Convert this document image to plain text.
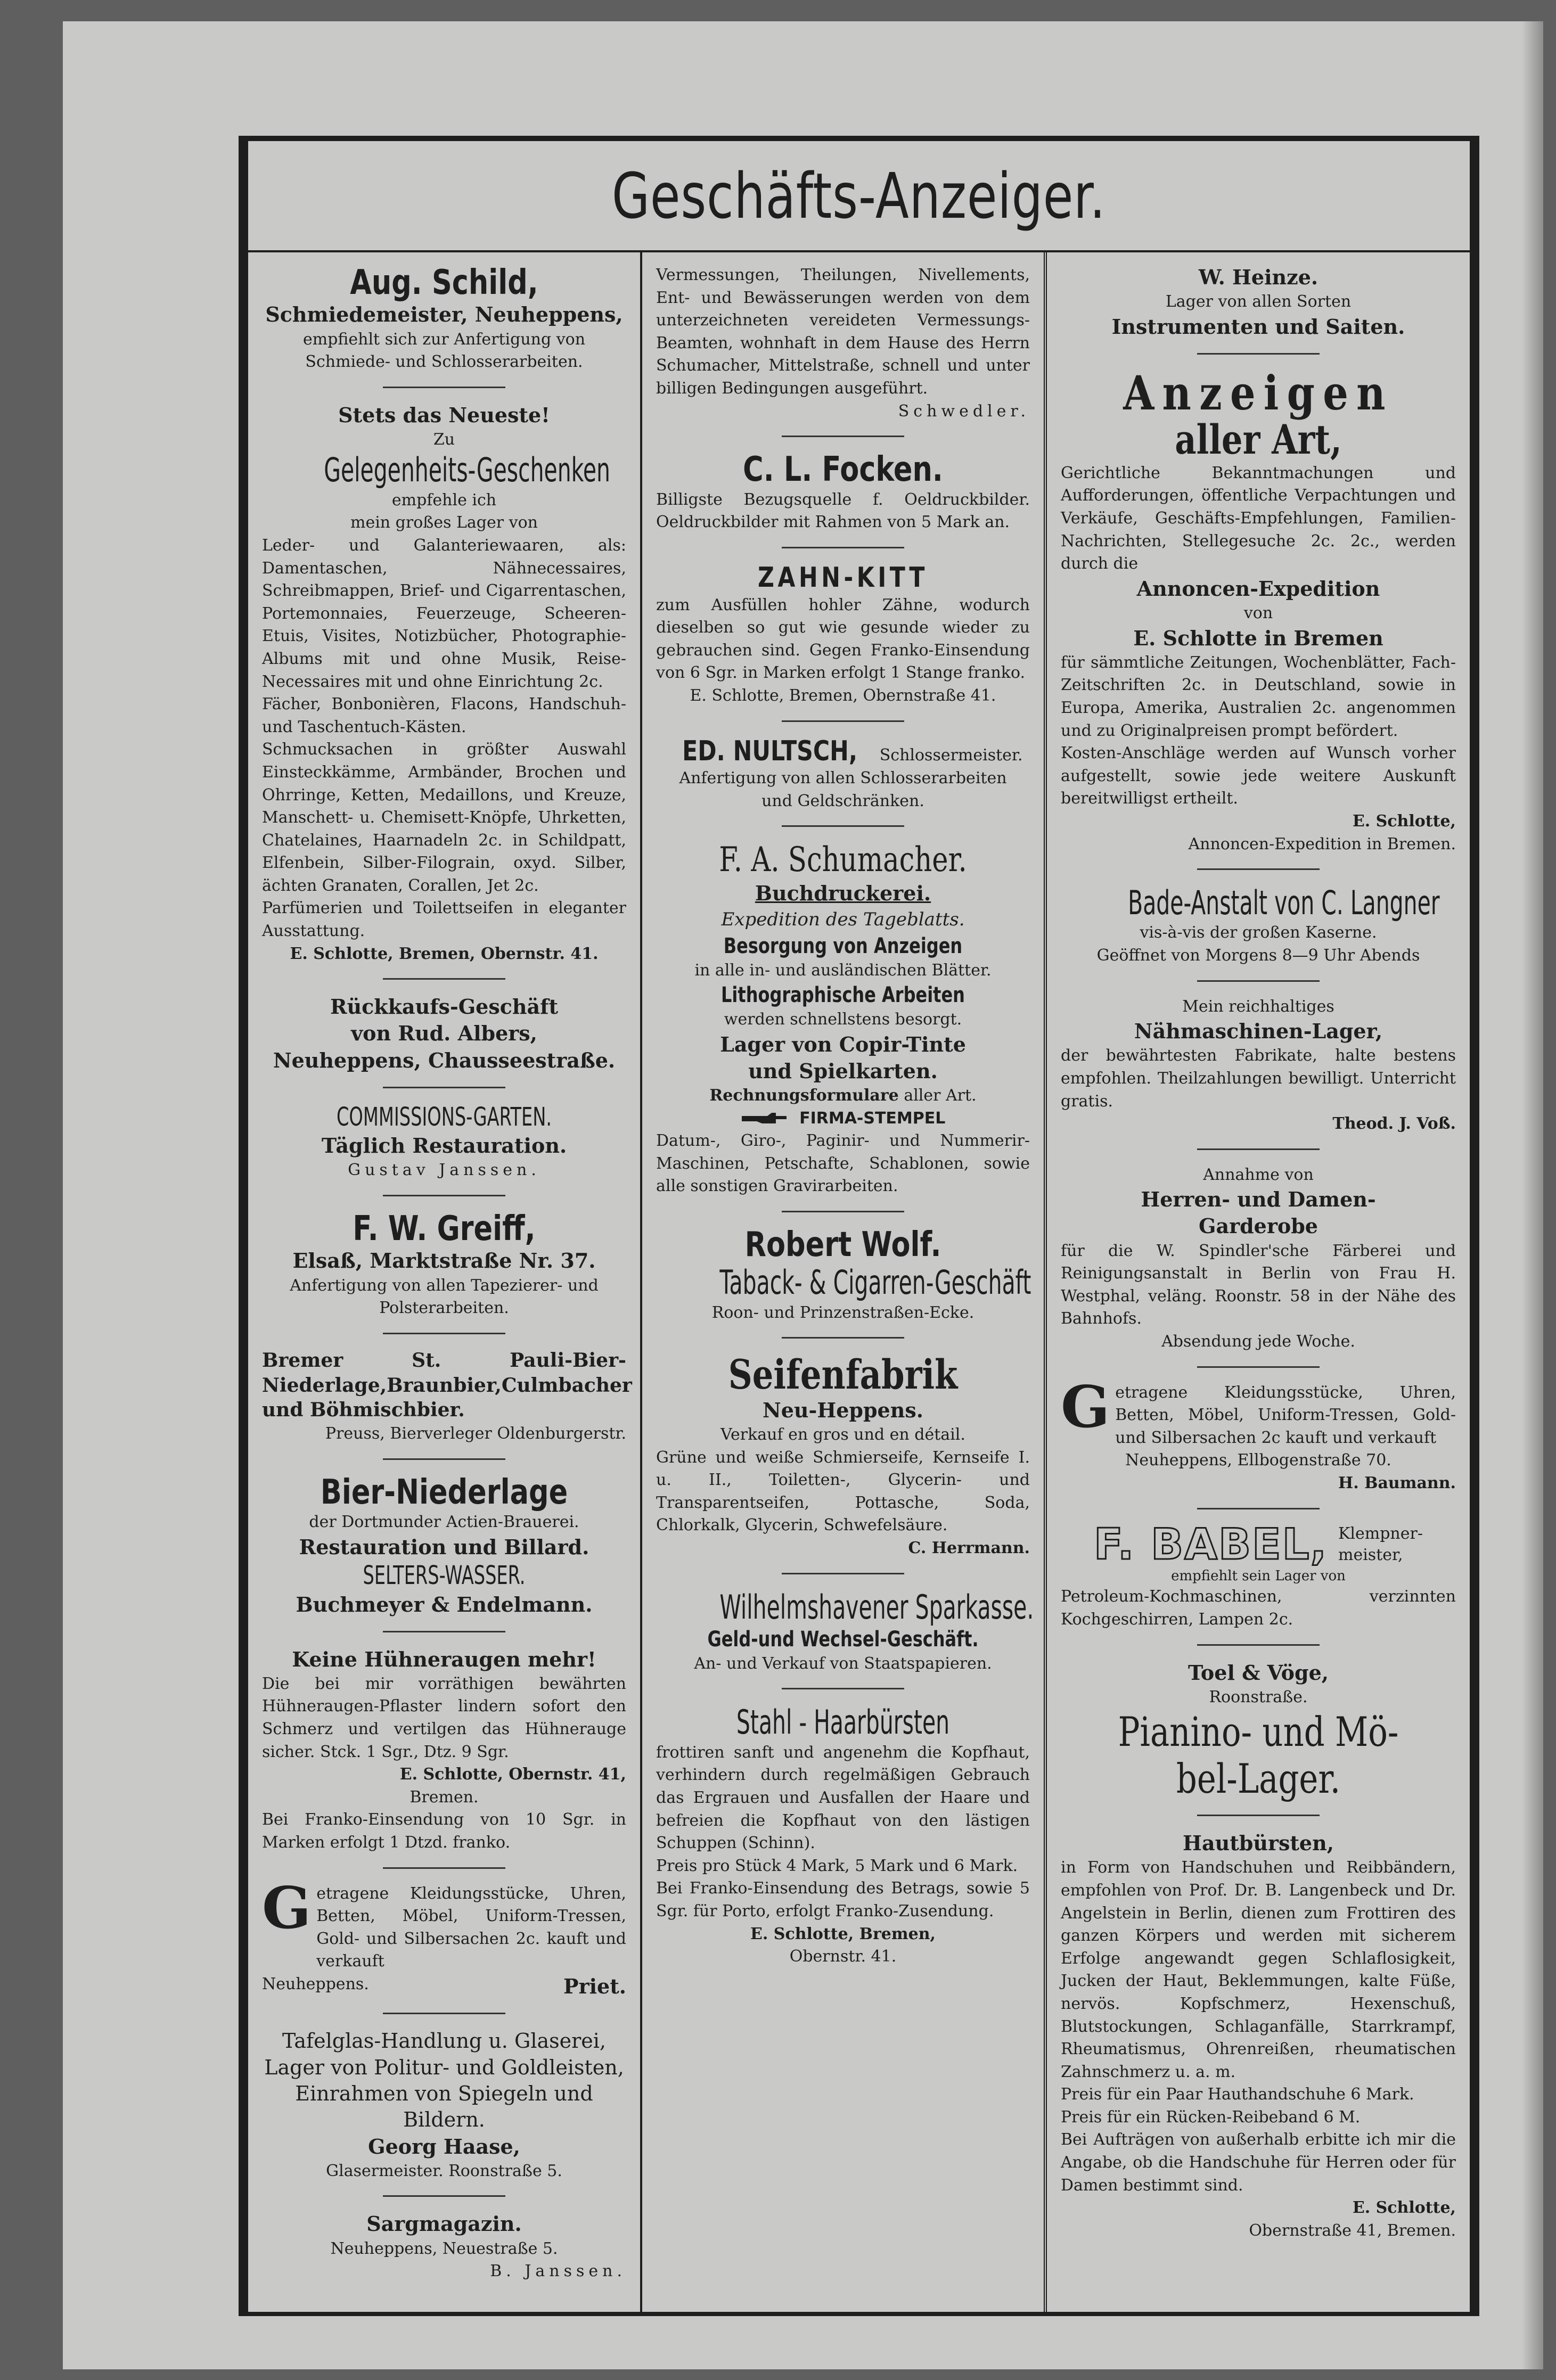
Geschäfts-Anzeiger.
Aug. Schild,
Schmiedemeister, Neuheppens,
empfiehlt sich zur Anfertigung von
Schmiede- und Schlosserarbeiten.
Stets das Neueste!
Zu
Gelegenheits-Geschenken
empfehle ich
mein großes Lager von
Leder- und Galanteriewaaren, als: Damentaschen, Nähnecessaires, Schreibmappen, Brief- und Cigarrentaschen, Portemonnaies, Feuerzeuge, Scheeren-Etuis, Visites, Notizbücher, Photographie-Albums mit und ohne Musik, Reise-Necessaires mit und ohne Einrichtung 2c.
Fächer, Bonbonièren, Flacons, Handschuh- und Taschentuch-Kästen.
Schmucksachen in größter Auswahl Einsteckkämme, Armbänder, Brochen und Ohrringe, Ketten, Medaillons, und Kreuze, Manschett- u. Chemisett-Knöpfe, Uhrketten, Chatelaines, Haarnadeln 2c. in Schildpatt, Elfenbein, Silber-Filograin, oxyd. Silber, ächten Granaten, Corallen, Jet 2c.
Parfümerien und Toilettseifen in eleganter Ausstattung.
E. Schlotte, Bremen, Obernstr. 41.
Rückkaufs-Geschäft
von Rud. Albers,
Neuheppens, Chausseestraße.
COMMISSIONS-GARTEN.
Täglich Restauration.
Gustav Janssen.
F. W. Greiff,
Elsaß, Marktstraße Nr. 37.
Anfertigung von allen Tapezierer- und
Polsterarbeiten.
Bremer St. Pauli-Bier-Niederlage,Braunbier,Culmbacher und Böhmischbier.
Preuss, Bierverleger Oldenburgerstr.
Bier-Niederlage
der Dortmunder Actien-Brauerei.
Restauration und Billard.
SELTERS-WASSER.
Buchmeyer & Endelmann.
Keine Hühneraugen mehr!
Die bei mir vorräthigen bewährten Hühneraugen-Pflaster lindern sofort den Schmerz und vertilgen das Hühnerauge sicher. Stck. 1 Sgr., Dtz. 9 Sgr.
E. Schlotte, Obernstr. 41,
Bremen.
Bei Franko-Einsendung von 10 Sgr. in Marken erfolgt 1 Dtzd. franko.
G etragene Kleidungsstücke, Uhren, Betten, Möbel, Uniform-Tressen, Gold- und Silbersachen 2c. kauft und verkauft
Neuheppens.	Priet.
Tafelglas-Handlung u. Glaserei,
Lager von Politur- und Goldleisten, Einrahmen von Spiegeln und Bildern.
Georg Haase,
Glasermeister. Roonstraße 5.
Sargmagazin.
Neuheppens, Neuestraße 5.
B. Janssen.
Vermessungen, Theilungen, Nivellements, Ent- und Bewässerungen werden von dem unterzeichneten vereideten Vermessungs-Beamten, wohnhaft in dem Hause des Herrn Schumacher, Mittelstraße, schnell und unter billigen Bedingungen ausgeführt.
Schwedler.
C. L. Focken.
Billigste Bezugsquelle f. Oeldruckbilder. Oeldruckbilder mit Rahmen von 5 Mark an.
ZAHN-KITT
zum Ausfüllen hohler Zähne, wodurch dieselben so gut wie gesunde wieder zu gebrauchen sind. Gegen Franko-Einsendung von 6 Sgr. in Marken erfolgt 1 Stange franko.
E. Schlotte, Bremen, Obernstraße 41.
ED. NULTSCH, Schlossermeister.
Anfertigung von allen Schlosserarbeiten
und Geldschränken.
F. A. Schumacher.
Buchdruckerei.
Expedition des Tageblatts.
Besorgung von Anzeigen
in alle in- und ausländischen Blätter.
Lithographische Arbeiten
werden schnellstens besorgt.
Lager von Copir-Tinte
und Spielkarten.
Rechnungsformulare aller Art.
FIRMA-STEMPEL
Datum-, Giro-, Paginir- und Nummerir-Maschinen, Petschafte, Schablonen, sowie alle sonstigen Gravirarbeiten.
Robert Wolf.
Taback- & Cigarren-Geschäft
Roon- und Prinzenstraßen-Ecke.
Seifenfabrik
Neu-Heppens.
Verkauf en gros und en détail.
Grüne und weiße Schmierseife, Kernseife I. u. II., Toiletten-, Glycerin- und Transparentseifen, Pottasche, Soda, Chlorkalk, Glycerin, Schwefelsäure.
C. Herrmann.
Wilhelmshavener Sparkasse.
Geld-und Wechsel-Geschäft.
An- und Verkauf von Staatspapieren.
Stahl - Haarbürsten
frottiren sanft und angenehm die Kopfhaut, verhindern durch regelmäßigen Gebrauch das Ergrauen und Ausfallen der Haare und befreien die Kopfhaut von den lästigen Schuppen (Schinn).
Preis pro Stück 4 Mark, 5 Mark und 6 Mark.
Bei Franko-Einsendung des Betrags, sowie 5 Sgr. für Porto, erfolgt Franko-Zusendung.
E. Schlotte, Bremen,
Obernstr. 41.
W. Heinze.
Lager von allen Sorten
Instrumenten und Saiten.
Anzeigen
aller Art,
Gerichtliche Bekanntmachungen und Aufforderungen, öffentliche Verpachtungen und Verkäufe, Geschäfts-Empfehlungen, Familien-Nachrichten, Stellegesuche 2c. 2c., werden durch die
Annoncen-Expedition
von
E. Schlotte in Bremen
für sämmtliche Zeitungen, Wochenblätter, Fach-Zeitschriften 2c. in Deutschland, sowie in Europa, Amerika, Australien 2c. angenommen und zu Originalpreisen prompt befördert.
Kosten-Anschläge werden auf Wunsch vorher aufgestellt, sowie jede weitere Auskunft bereitwilligst ertheilt.
E. Schlotte,
Annoncen-Expedition in Bremen.
Bade-Anstalt von C. Langner
vis-à-vis der großen Kaserne.
Geöffnet von Morgens 8—9 Uhr Abends
Mein reichhaltiges
Nähmaschinen-Lager,
der bewährtesten Fabrikate, halte bestens empfohlen. Theilzahlungen bewilligt. Unterricht gratis.
Theod. J. Voß.
Annahme von
Herren- und Damen-
Garderobe
für die W. Spindler'sche Färberei und Reinigungsanstalt in Berlin von Frau H. Westphal, veläng. Roonstr. 58 in der Nähe des Bahnhofs.
Absendung jede Woche.
G etragene Kleidungsstücke, Uhren, Betten, Möbel, Uniform-Tressen, Gold- und Silbersachen 2c kauft und verkauft
Neuheppens, Ellbogenstraße 70.
H. Baumann.
F. BABEL, Klempner-
meister,
empfiehlt sein Lager von
Petroleum-Kochmaschinen, verzinnten Kochgeschirren, Lampen 2c.
Toel & Vöge,
Roonstraße.
Pianino- und Mö-
bel-Lager.
Hautbürsten,
in Form von Handschuhen und Reibbändern, empfohlen von Prof. Dr. B. Langenbeck und Dr. Angelstein in Berlin, dienen zum Frottiren des ganzen Körpers und werden mit sicherem Erfolge angewandt gegen Schlaflosigkeit, Jucken der Haut, Beklemmungen, kalte Füße, nervös. Kopfschmerz, Hexenschuß, Blutstockungen, Schlaganfälle, Starrkrampf, Rheumatismus, Ohrenreißen, rheumatischen Zahnschmerz u. a. m.
Preis für ein Paar Hauthandschuhe 6 Mark.
Preis für ein Rücken-Reibeband 6 M.
Bei Aufträgen von außerhalb erbitte ich mir die Angabe, ob die Handschuhe für Herren oder für Damen bestimmt sind.
E. Schlotte,
Obernstraße 41, Bremen.
